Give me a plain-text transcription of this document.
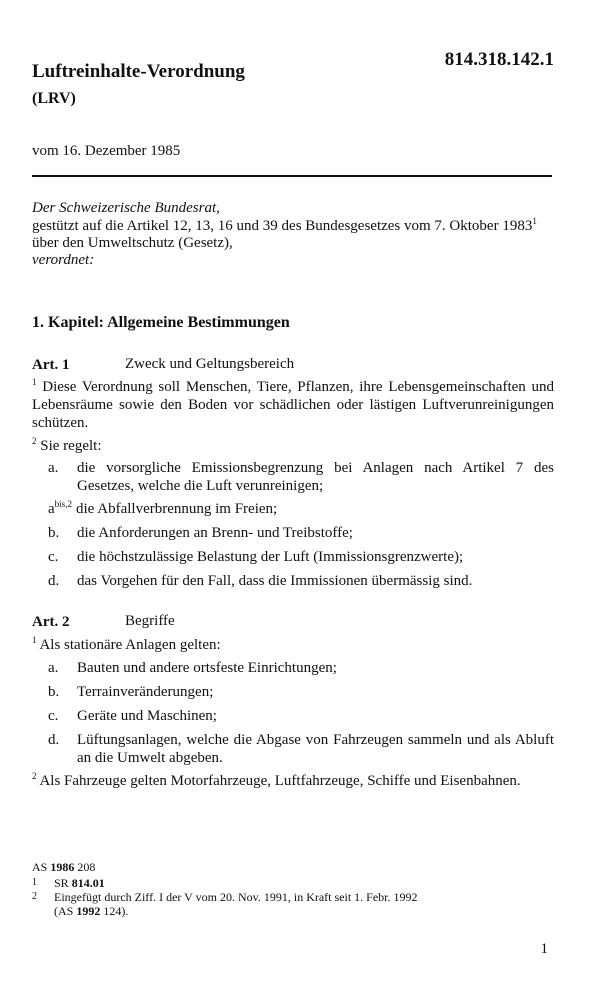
Luftreinhalte-Verordnung
(LRV)
814.318.142.1
vom 16. Dezember 1985
Der Schweizerische Bundesrat,
gestützt auf die Artikel 12, 13, 16 und 39 des Bundesgesetzes vom 7. Oktober 1983$^1$
über den Umweltschutz (Gesetz),
verordnet:
1. Kapitel: Allgemeine Bestimmungen
Art. 1	Zweck und Geltungsbereich
$^1$ Diese Verordnung soll Menschen, Tiere, Pflanzen, ihre Lebensgemeinschaften und Lebensräume sowie den Boden vor schädlichen oder lästigen Luftverunreinigungen schützen.
$^2$ Sie regelt:
a. die vorsorgliche Emissionsbegrenzung bei Anlagen nach Artikel 7 des Gesetzes, welche die Luft verunreinigen;
$a^{bis,2}$ die Abfallverbrennung im Freien;
b. die Anforderungen an Brenn- und Treibstoffe;
c. die höchstzulässige Belastung der Luft (Immissionsgrenzwerte);
d. das Vorgehen für den Fall, dass die Immissionen übermässig sind.
Art. 2	Begriffe
$^1$ Als stationäre Anlagen gelten:
a. Bauten und andere ortsfeste Einrichtungen;
b. Terrainveränderungen;
c. Geräte und Maschinen;
d. Lüftungsanlagen, welche die Abgase von Fahrzeugen sammeln und als Abluft an die Umwelt abgeben.
$^2$ Als Fahrzeuge gelten Motorfahrzeuge, Luftfahrzeuge, Schiffe und Eisenbahnen.
AS 1986 208
1 SR 814.01
2 Eingefügt durch Ziff. I der V vom 20. Nov. 1991, in Kraft seit 1. Febr. 1992
(AS 1992 124).
1
